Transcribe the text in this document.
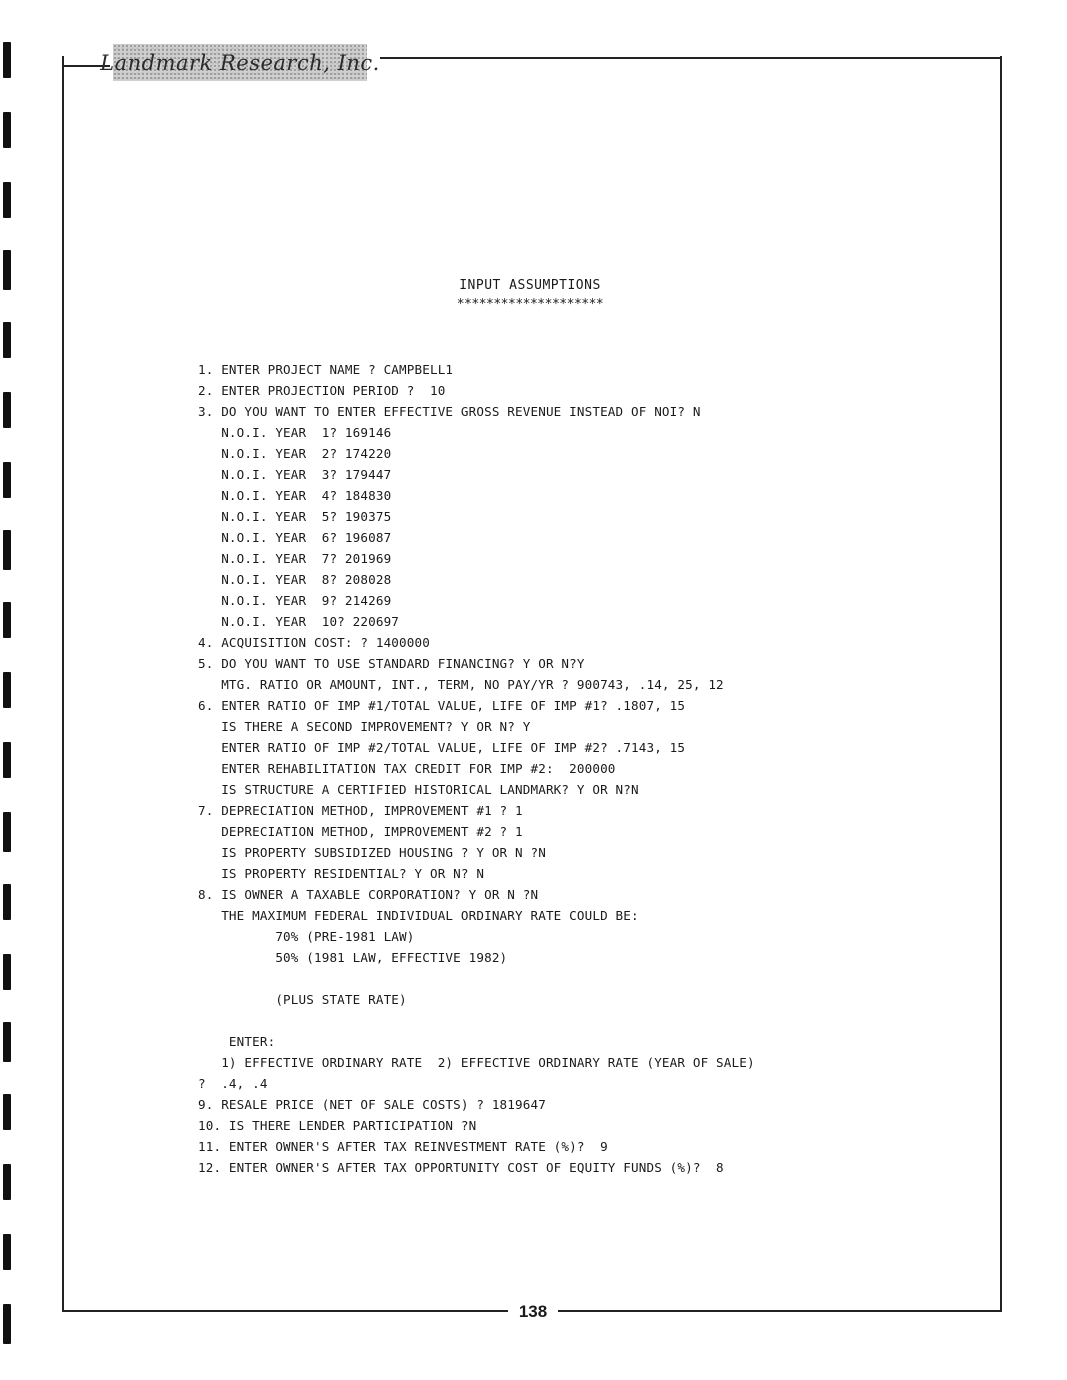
Landmark Research, Inc.
INPUT ASSUMPTIONS
********************
1. ENTER PROJECT NAME ? CAMPBELL1
2. ENTER PROJECTION PERIOD ?  10
3. DO YOU WANT TO ENTER EFFECTIVE GROSS REVENUE INSTEAD OF NOI? N
N.O.I. YEAR  1? 169146
N.O.I. YEAR  2? 174220
N.O.I. YEAR  3? 179447
N.O.I. YEAR  4? 184830
N.O.I. YEAR  5? 190375
N.O.I. YEAR  6? 196087
N.O.I. YEAR  7? 201969
N.O.I. YEAR  8? 208028
N.O.I. YEAR  9? 214269
N.O.I. YEAR  10? 220697
4. ACQUISITION COST: ? 1400000
5. DO YOU WANT TO USE STANDARD FINANCING? Y OR N?Y
MTG. RATIO OR AMOUNT, INT., TERM, NO PAY/YR ? 900743, .14, 25, 12
6. ENTER RATIO OF IMP #1/TOTAL VALUE, LIFE OF IMP #1? .1807, 15
IS THERE A SECOND IMPROVEMENT? Y OR N? Y
ENTER RATIO OF IMP #2/TOTAL VALUE, LIFE OF IMP #2? .7143, 15
ENTER REHABILITATION TAX CREDIT FOR IMP #2:  200000
IS STRUCTURE A CERTIFIED HISTORICAL LANDMARK? Y OR N?N
7. DEPRECIATION METHOD, IMPROVEMENT #1 ? 1
DEPRECIATION METHOD, IMPROVEMENT #2 ? 1
IS PROPERTY SUBSIDIZED HOUSING ? Y OR N ?N
IS PROPERTY RESIDENTIAL? Y OR N? N
8. IS OWNER A TAXABLE CORPORATION? Y OR N ?N
THE MAXIMUM FEDERAL INDIVIDUAL ORDINARY RATE COULD BE:
70% (PRE-1981 LAW)
50% (1981 LAW, EFFECTIVE 1982)
(PLUS STATE RATE)
ENTER:
1) EFFECTIVE ORDINARY RATE  2) EFFECTIVE ORDINARY RATE (YEAR OF SALE)
?  .4, .4
9. RESALE PRICE (NET OF SALE COSTS) ? 1819647
10. IS THERE LENDER PARTICIPATION ?N
11. ENTER OWNER'S AFTER TAX REINVESTMENT RATE (%)?  9
12. ENTER OWNER'S AFTER TAX OPPORTUNITY COST OF EQUITY FUNDS (%)?  8
138
